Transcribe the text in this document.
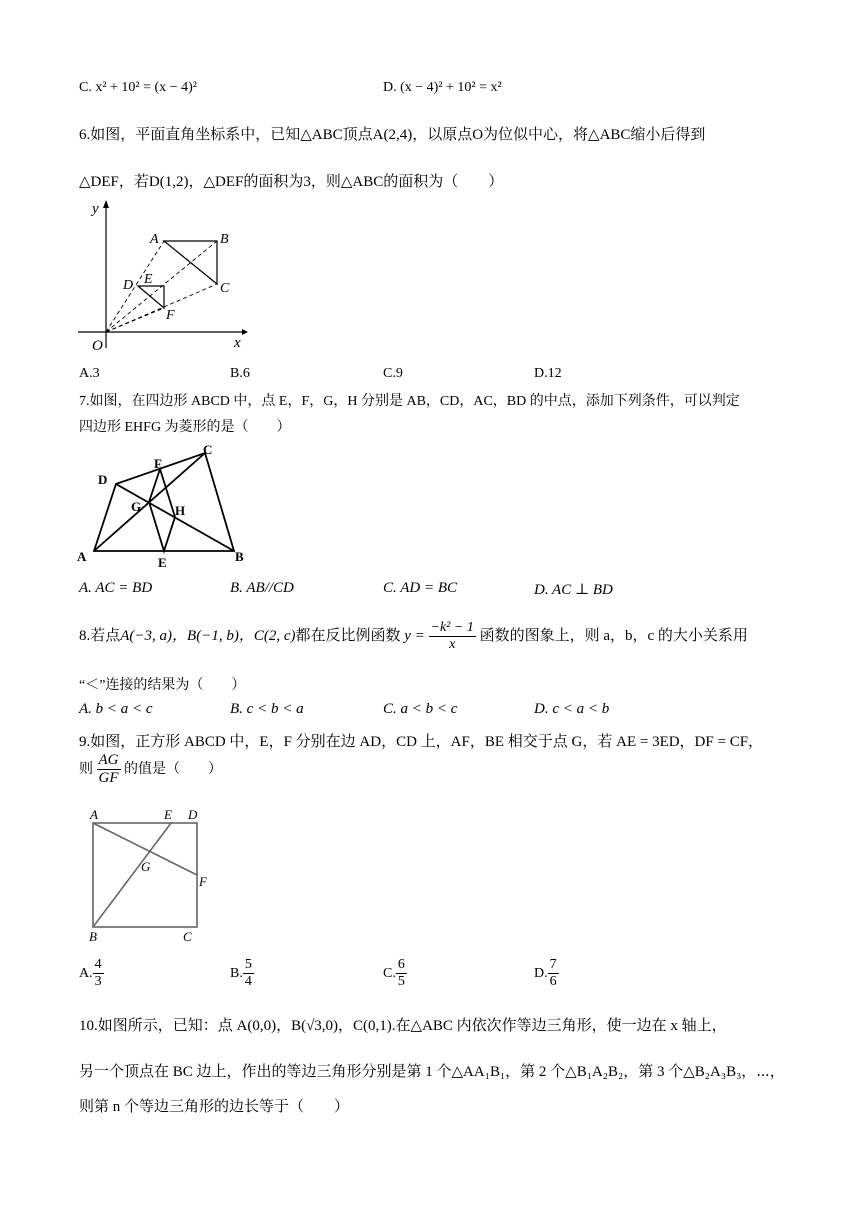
C. x² + 10² = (x − 4)²	D. (x − 4)² + 10² = x²
6.如图，平面直角坐标系中，已知△ABC顶点A(2,4)，以原点O为位似中心，将△ABC缩小后得到
△DEF，若D(1,2)，△DEF的面积为3，则△ABC的面积为（　　）
y
A	B
D E
C
F
O	x
A.3	B.6	C.9	D.12
7.如图，在四边形 ABCD 中，点 E，F，G，H 分别是 AB，CD，AC，BD 的中点，添加下列条件，可以判定
四边形 EHFG 为菱形的是（　　）
C
F
D
G	H
A	E	B
A. AC = BD	B. AB//CD	C. AD = BC	D. AC ⊥ BD
8.若点A(−3, a)，B(−1, b)，C(2, c)都在反比例函数 $y = \frac{\text{−k² − 1}}{x}$ 函数的图象上，则 a，b，c 的大小关系用
“＜”连接的结果为（　　）
A. b < a < c	B. c < b < a	C. a < b < c	D. c < a < b
9.如图，正方形 ABCD 中，E，F 分别在边 AD，CD 上，AF，BE 相交于点 G，若 AE = 3ED，DF = CF，
则 $\frac{AG}{GF}$ 的值是（　　）
A	E D
G
F
B	C
A. $\frac{4}{3}$	B. $\frac{5}{4}$	C. $\frac{6}{5}$	D. $\frac{7}{6}$
10.如图所示，已知：点 A(0,0)，B(√3,0)，C(0,1).在△ABC 内依次作等边三角形，使一边在 x 轴上，
另一个顶点在 BC 边上，作出的等边三角形分别是第 1 个△AA₁B₁，第 2 个△B₁A₂B₂，第 3 个△B₂A₃B₃，⋯，
则第 n 个等边三角形的边长等于（　　）
